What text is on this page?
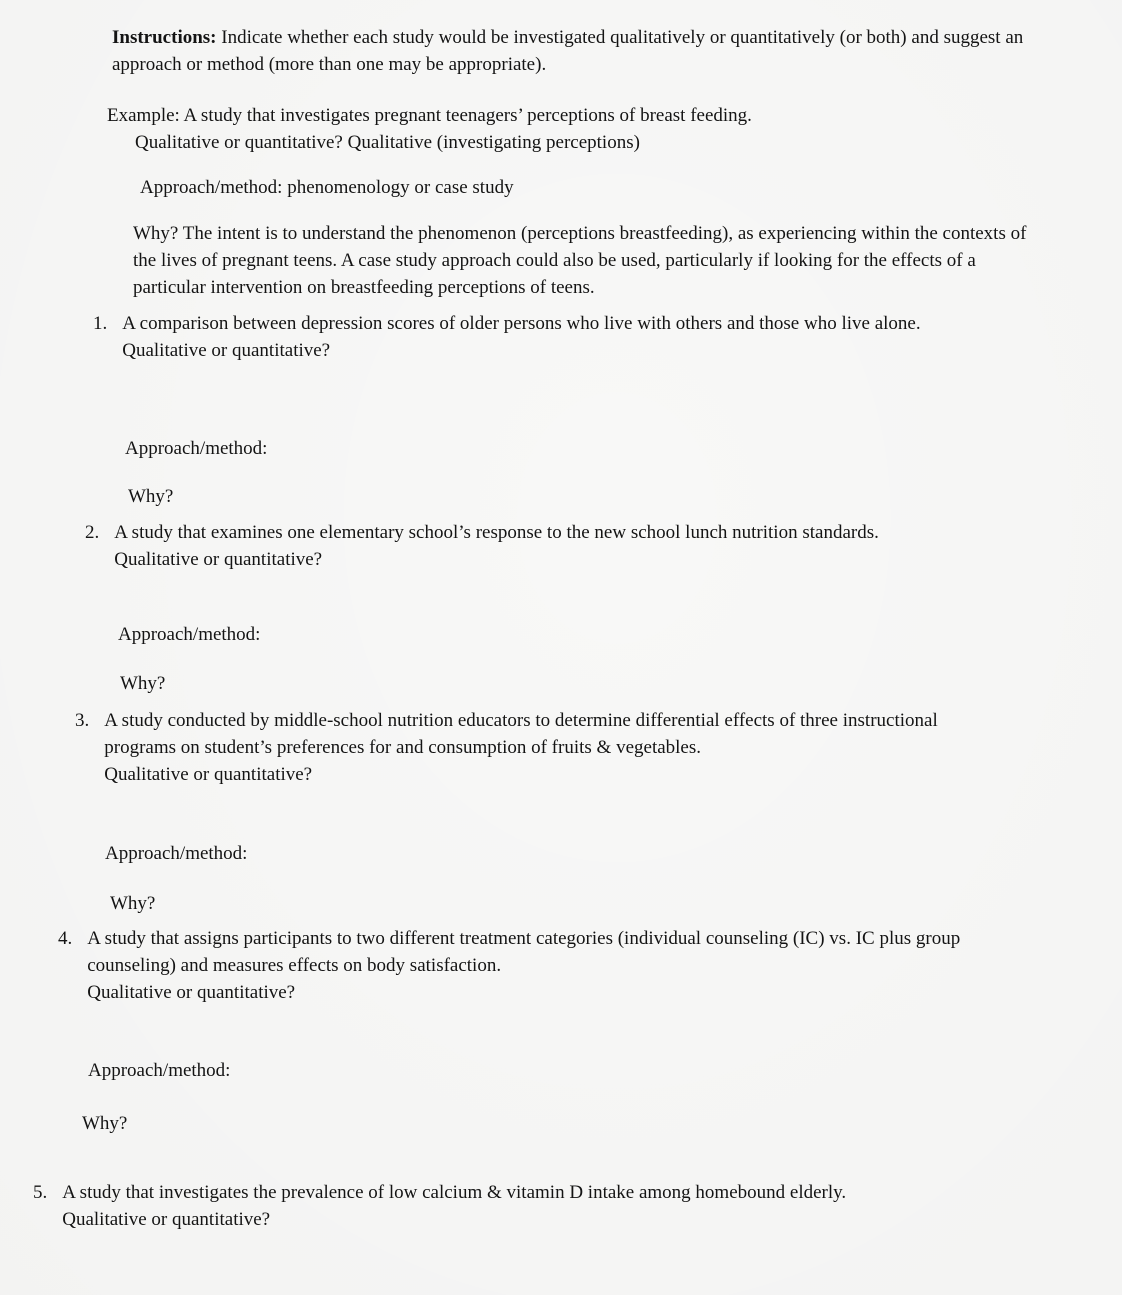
Instructions: Indicate whether each study would be investigated qualitatively or quantitatively (or both) and suggest an approach or method (more than one may be appropriate).

Example: A study that investigates pregnant teenagers’ perceptions of breast feeding.

Qualitative or quantitative? Qualitative (investigating perceptions)

Approach/method: phenomenology or case study

Why? The intent is to understand the phenomenon (perceptions breastfeeding), as experiencing within the contexts of the lives of pregnant teens. A case study approach could also be used, particularly if looking for the effects of a particular intervention on breastfeeding perceptions of teens.

1. A comparison between depression scores of older persons who live with others and those who live alone.
Qualitative or quantitative?

Approach/method:

Why?

2. A study that examines one elementary school’s response to the new school lunch nutrition standards.
Qualitative or quantitative?

Approach/method:

Why?

3. A study conducted by middle-school nutrition educators to determine differential effects of three instructional programs on student’s preferences for and consumption of fruits & vegetables.
Qualitative or quantitative?

Approach/method:

Why?

4. A study that assigns participants to two different treatment categories (individual counseling (IC) vs. IC plus group counseling) and measures effects on body satisfaction.
Qualitative or quantitative?

Approach/method:

Why?

5. A study that investigates the prevalence of low calcium & vitamin D intake among homebound elderly.
Qualitative or quantitative?
